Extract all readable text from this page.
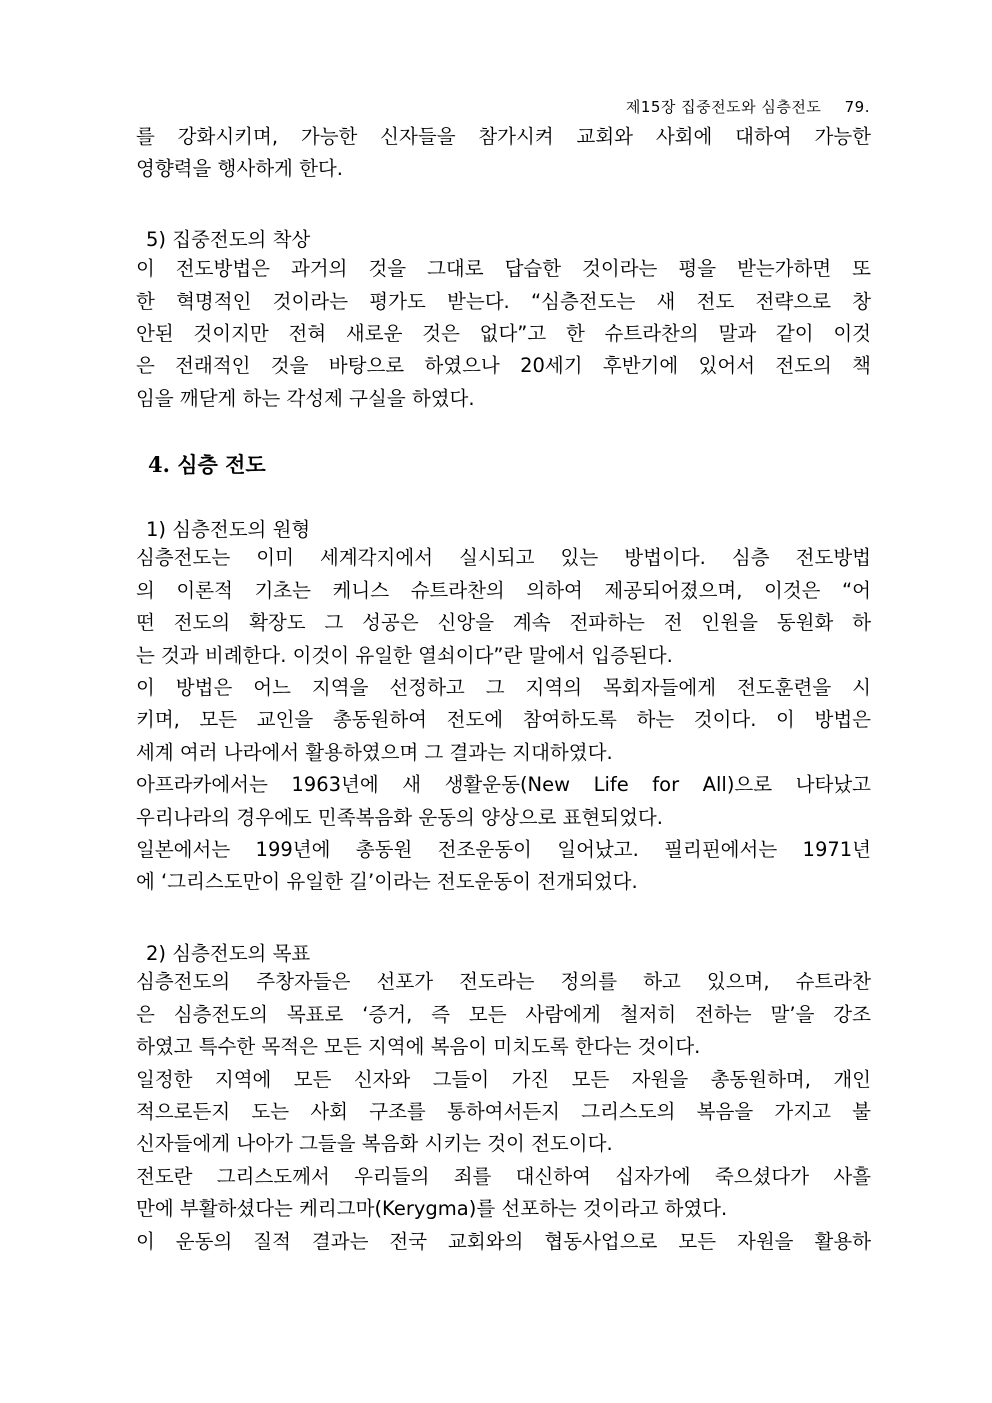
제15장 집중전도와 심층전도 79.
를 강화시키며, 가능한 신자들을 참가시켜 교회와 사회에 대하여 가능한
영향력을 행사하게 한다.
5) 집중전도의 착상
이 전도방법은 과거의 것을 그대로 답습한 것이라는 평을 받는가하면 또
한 혁명적인 것이라는 평가도 받는다. “심층전도는 새 전도 전략으로 창
안된 것이지만 전혀 새로운 것은 없다”고 한 슈트라찬의 말과 같이 이것
은 전래적인 것을 바탕으로 하였으나 20세기 후반기에 있어서 전도의 책
임을 깨닫게 하는 각성제 구실을 하였다.
4. 심층 전도
1) 심층전도의 원형
심층전도는 이미 세계각지에서 실시되고 있는 방법이다. 심층 전도방법
의 이론적 기초는 케니스 슈트라찬의 의하여 제공되어졌으며, 이것은 “어
떤 전도의 확장도 그 성공은 신앙을 계속 전파하는 전 인원을 동원화 하
는 것과 비례한다. 이것이 유일한 열쇠이다”란 말에서 입증된다.
이 방법은 어느 지역을 선정하고 그 지역의 목회자들에게 전도훈련을 시
키며, 모든 교인을 총동원하여 전도에 참여하도록 하는 것이다. 이 방법은
세계 여러 나라에서 활용하였으며 그 결과는 지대하였다.
아프라카에서는 1963년에 새 생활운동(New Life for All)으로 나타났고
우리나라의 경우에도 민족복음화 운동의 양상으로 표현되었다.
일본에서는 199년에 총동원 전조운동이 일어났고. 필리핀에서는 1971년
에 ‘그리스도만이 유일한 길’이라는 전도운동이 전개되었다.
2) 심층전도의 목표
심층전도의 주창자들은 선포가 전도라는 정의를 하고 있으며, 슈트라찬
은 심층전도의 목표로 ‘증거, 즉 모든 사람에게 철저히 전하는 말’을 강조
하였고 특수한 목적은 모든 지역에 복음이 미치도록 한다는 것이다.
일정한 지역에 모든 신자와 그들이 가진 모든 자원을 총동원하며, 개인
적으로든지 도는 사회 구조를 통하여서든지 그리스도의 복음을 가지고 불
신자들에게 나아가 그들을 복음화 시키는 것이 전도이다.
전도란 그리스도께서 우리들의 죄를 대신하여 십자가에 죽으셨다가 사흘
만에 부활하셨다는 케리그마(Kerygma)를 선포하는 것이라고 하였다.
이 운동의 질적 결과는 전국 교회와의 협동사업으로 모든 자원을 활용하
